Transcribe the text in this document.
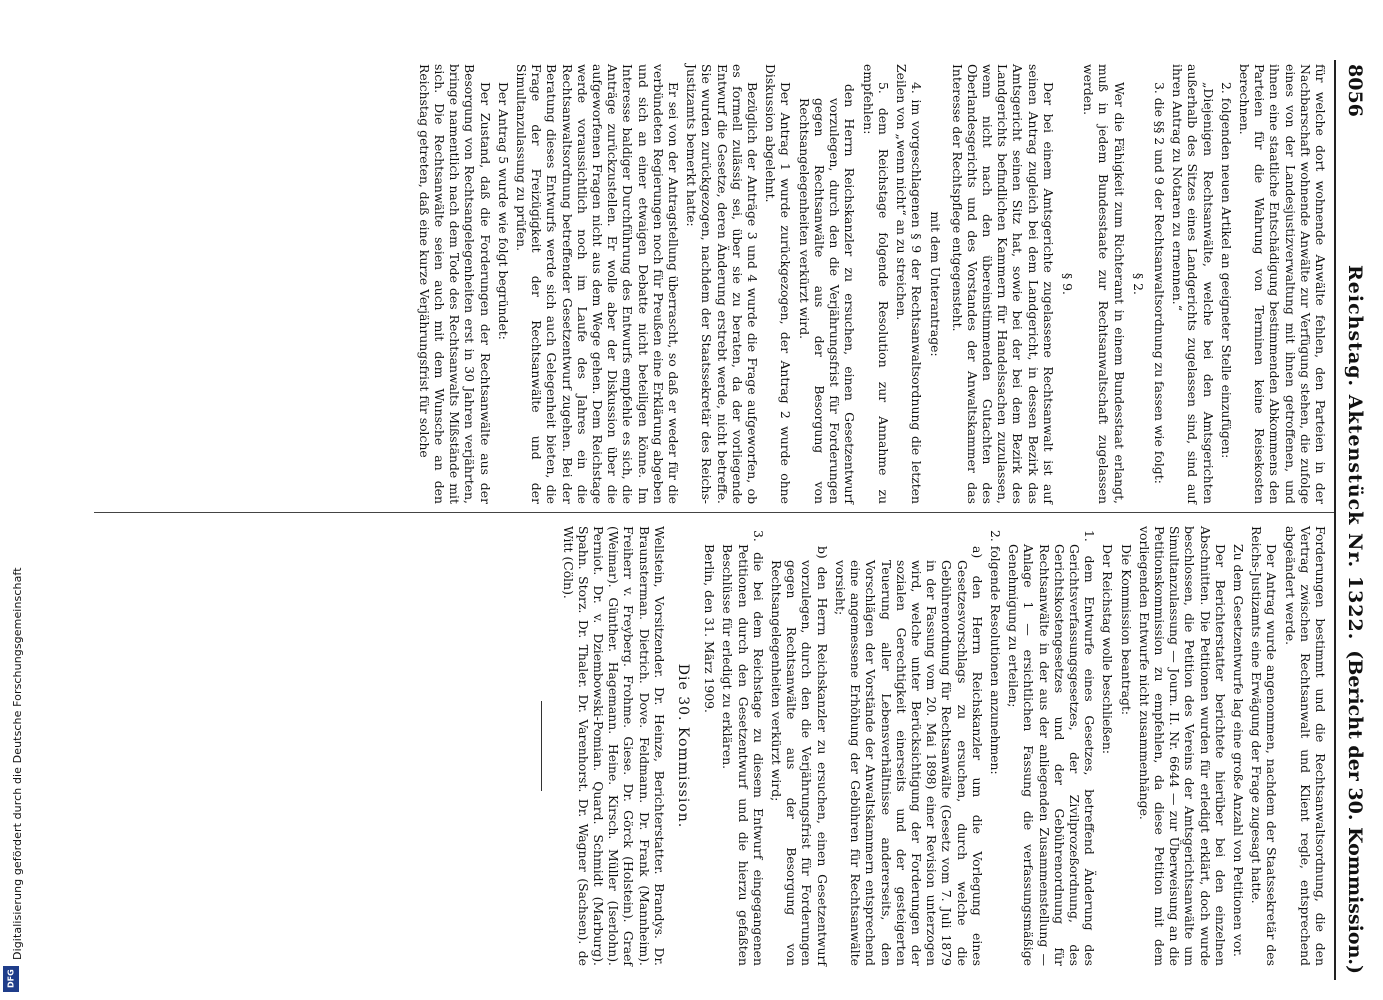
Digitalisierung gefördert durch die Deutsche Forschungsgemeinschaft
DFG
8056
Reichstag. Aktenstück Nr. 1322.
(Bericht der 30. Kommission.)

für welche dort wohnende Anwälte fehlen, den Parteien in der Nachbarschaft wohnende Anwälte zur Verfügung stehen, die zufolge eines von der Landesjustizverwaltung mit ihnen getroffenen, und ihnen eine staatliche Entschädigung bestimmenden Abkommens den Parteien für die Wahrung von Terminen keine Reisekosten berechnen.

2. folgenden neuen Artikel an geeigneter Stelle einzufügen:

„Diejenigen Rechtsanwälte, welche bei den Amtsgerichten außerhalb des Sitzes eines Landgerichts zugelassen sind, sind auf ihren Antrag zu Notaren zu ernennen.“

3. die §§ 2 und 9 der Rechtsanwaltsordnung zu fassen wie folgt:

§ 2.

Wer die Fähigkeit zum Richteramt in einem Bundesstaat erlangt, muß in jedem Bundesstaate zur Rechtsanwaltschaft zugelassen werden.

§ 9.

Der bei einem Amtsgerichte zugelassene Rechtsanwalt ist auf seinen Antrag zugleich bei dem Landgericht, in dessen Bezirk das Amtsgericht seinen Sitz hat, sowie bei der bei dem Bezirk des Landgerichts befindlichen Kammern für Handelssachen zuzulassen, wenn nicht nach den übereinstimmenden Gutachten des Oberlandesgerichts und des Vorstandes der Anwaltskammer das Interesse der Rechtspflege entgegensteht.

mit dem Unterantrage:

4. im vorgeschlagenen § 9 der Rechtsanwaltsordnung die letzten Zeilen von „wenn nicht“ an zu streichen.

5. dem Reichstage folgende Resolution zur Annahme zu empfehlen:

den Herrn Reichskanzler zu ersuchen, einen Gesetzentwurf vorzulegen, durch den die Verjährungsfrist für Forderungen gegen Rechtsanwälte aus der Besorgung von Rechtsangelegenheiten verkürzt wird.

Der Antrag 1 wurde zurückgezogen, der Antrag 2 wurde ohne Diskussion abgelehnt.

Bezüglich der Anträge 3 und 4 wurde die Frage aufgeworfen, ob es formell zulässig sei, über sie zu beraten, da der vorliegende Entwurf die Gesetze, deren Änderung erstrebt werde, nicht betreffe. Sie wurden zurückgezogen, nachdem der Staatssekretär des Reichs-Justizamts bemerkt hatte:

Er sei von der Antragstellung überrascht, so daß er weder für die verbündeten Regierungen noch für Preußen eine Erklärung abgeben und sich an einer etwaigen Debatte nicht beteiligen könne. Im Interesse baldiger Durchführung des Entwurfs empfehle es sich, die Anträge zurückzustellen. Er wolle aber der Diskussion über die aufgeworfenen Fragen nicht aus dem Wege gehen. Dem Reichstage werde voraussichtlich noch im Laufe des Jahres ein die Rechtsanwaltsordnung betreffender Gesetzentwurf zugehen. Bei der Beratung dieses Entwurfs werde sich auch Gelegenheit bieten, die Frage der Freizügigkeit der Rechtsanwälte und der Simultanzulassung zu prüfen.

Der Antrag 5 wurde wie folgt begründet:

Der Zustand, daß die Forderungen der Rechtsanwälte aus der Besorgung von Rechtsangelegenheiten erst in 30 Jahren verjährten, bringe namentlich nach dem Tode des Rechtsanwalts Mißstände mit sich. Die Rechtsanwälte seien auch mit dem Wunsche an den Reichstag getreten, daß eine kurze Verjährungsfrist für solche

Forderungen bestimmt und die Rechtsanwaltsordnung, die den Vertrag zwischen Rechtsanwalt und Klient regle, entsprechend abgeändert werde.

Der Antrag wurde angenommen, nachdem der Staatssekretär des Reichs-Justizamts eine Erwägung der Frage zugesagt hatte.

Zu dem Gesetzentwurfe lag eine große Anzahl von Petitionen vor.

Der Berichterstatter berichtete hierüber bei den einzelnen Abschnitten. Die Petitionen wurden für erledigt erklärt, doch wurde beschlossen, die Petition des Vereins der Amtsgerichtsanwälte um Simultanzulassung — Journ. II. Nr. 6644 — zur Überweisung an die Petitionskommission zu empfehlen, da diese Petition mit dem vorliegenden Entwurfe nicht zusammenhänge.

Die Kommission beantragt:

Der Reichstag wolle beschließen:

1. dem Entwurfe eines Gesetzes, betreffend Änderung des Gerichtsverfassungsgesetzes, der Zivilprozeßordnung, des Gerichtskostengesetzes und der Gebührenordnung für Rechtsanwälte in der aus der anliegenden Zusammenstellung — Anlage 1 — ersichtlichen Fassung die verfassungsmäßige Genehmigung zu erteilen;

2. folgende Resolutionen anzunehmen:

a) den Herrn Reichskanzler um die Vorlegung eines Gesetzesvorschlags zu ersuchen, durch welche die Gebührenordnung für Rechtsanwälte (Gesetz vom 7. Juli 1879 in der Fassung vom 20. Mai 1898) einer Revision unterzogen wird, welche unter Berücksichtigung der Forderungen der sozialen Gerechtigkeit einerseits und der gesteigerten Teuerung aller Lebensverhältnisse andererseits, den Vorschlägen der Vorstände der Anwaltskammern entsprechend eine angemessene Erhöhung der Gebühren für Rechtsanwälte vorsieht;

b) den Herrn Reichskanzler zu ersuchen, einen Gesetzentwurf vorzulegen, durch den die Verjährungsfrist für Forderungen gegen Rechtsanwälte aus der Besorgung von Rechtsangelegenheiten verkürzt wird;

3. die bei dem Reichstage zu diesem Entwurf eingegangenen Petitionen durch den Gesetzentwurf und die hierzu gefaßten Beschlüsse für erledigt zu erklären.

Berlin, den 31. März 1909.

Die 30. Kommission.

Wellstein, Vorsitzender. Dr. Heinze, Berichterstatter. Brandys. Dr. Braunsterman. Dietrich. Dove. Feldmann. Dr. Frank (Mannheim). Freiherr v. Freyberg. Frohme. Giese. Dr. Görck (Holstein). Graef (Weimar). Günther. Hagemann. Heine. Kirsch. Müller (Iserlohn). Perniot. Dr. v. Dziembowski-Pomian. Quard. Schmidt (Marburg). Spahn. Storz. Dr. Thaler. Dr. Varenhorst. Dr. Wagner (Sachsen). de Witt (Cöln).
